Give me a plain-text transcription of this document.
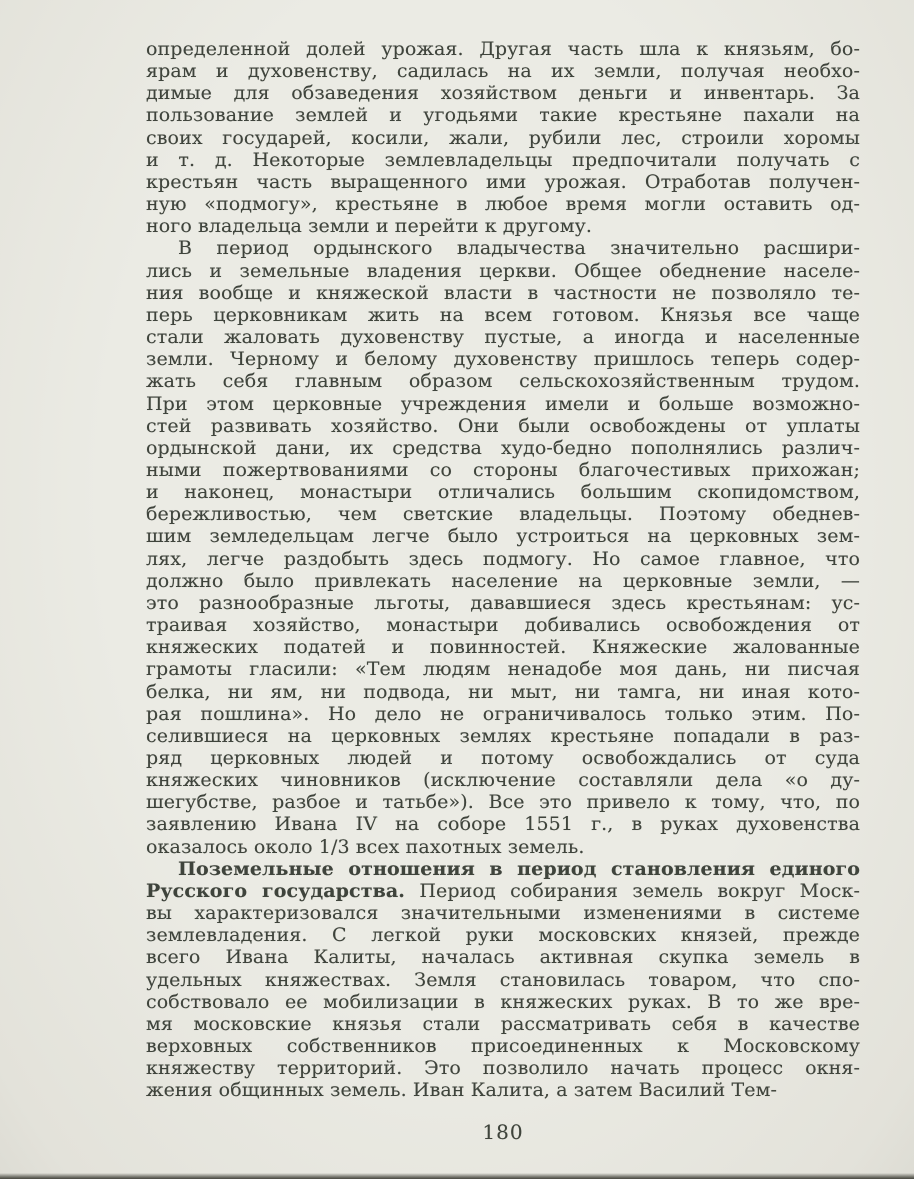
определенной долей урожая. Другая часть шла к князьям, бо-
ярам и духовенству, садилась на их земли, получая необхо-
димые для обзаведения хозяйством деньги и инвентарь. За
пользование землей и угодьями такие крестьяне пахали на
своих государей, косили, жали, рубили лес, строили хоромы
и т. д. Некоторые землевладельцы предпочитали получать с
крестьян часть выращенного ими урожая. Отработав получен-
ную «подмогу», крестьяне в любое время могли оставить од-
ного владельца земли и перейти к другому.
В период ордынского владычества значительно расшири-
лись и земельные владения церкви. Общее обеднение населе-
ния вообще и княжеской власти в частности не позволяло те-
перь церковникам жить на всем готовом. Князья все чаще
стали жаловать духовенству пустые, а иногда и населенные
земли. Черному и белому духовенству пришлось теперь содер-
жать себя главным образом сельскохозяйственным трудом.
При этом церковные учреждения имели и больше возможно-
стей развивать хозяйство. Они были освобождены от уплаты
ордынской дани, их средства худо-бедно пополнялись различ-
ными пожертвованиями со стороны благочестивых прихожан;
и наконец, монастыри отличались большим скопидомством,
бережливостью, чем светские владельцы. Поэтому обеднев-
шим земледельцам легче было устроиться на церковных зем-
лях, легче раздобыть здесь подмогу. Но самое главное, что
должно было привлекать население на церковные земли, —
это разнообразные льготы, дававшиеся здесь крестьянам: ус-
траивая хозяйство, монастыри добивались освобождения от
княжеских податей и повинностей. Княжеские жалованные
грамоты гласили: «Тем людям ненадобе моя дань, ни писчая
белка, ни ям, ни подвода, ни мыт, ни тамга, ни иная кото-
рая пошлина». Но дело не ограничивалось только этим. По-
селившиеся на церковных землях крестьяне попадали в раз-
ряд церковных людей и потому освобождались от суда
княжеских чиновников (исключение составляли дела «о ду-
шегубстве, разбое и татьбе»). Все это привело к тому, что, по
заявлению Ивана IV на соборе 1551 г., в руках духовенства
оказалось около 1/3 всех пахотных земель.
Поземельные отношения в период становления единого
Русского государства. Период собирания земель вокруг Моск-
вы характеризовался значительными изменениями в системе
землевладения. С легкой руки московских князей, прежде
всего Ивана Калиты, началась активная скупка земель в
удельных княжествах. Земля становилась товаром, что спо-
собствовало ее мобилизации в княжеских руках. В то же вре-
мя московские князья стали рассматривать себя в качестве
верховных собственников присоединенных к Московскому
княжеству территорий. Это позволило начать процесс окня-
жения общинных земель. Иван Калита, а затем Василий Тем-
180
